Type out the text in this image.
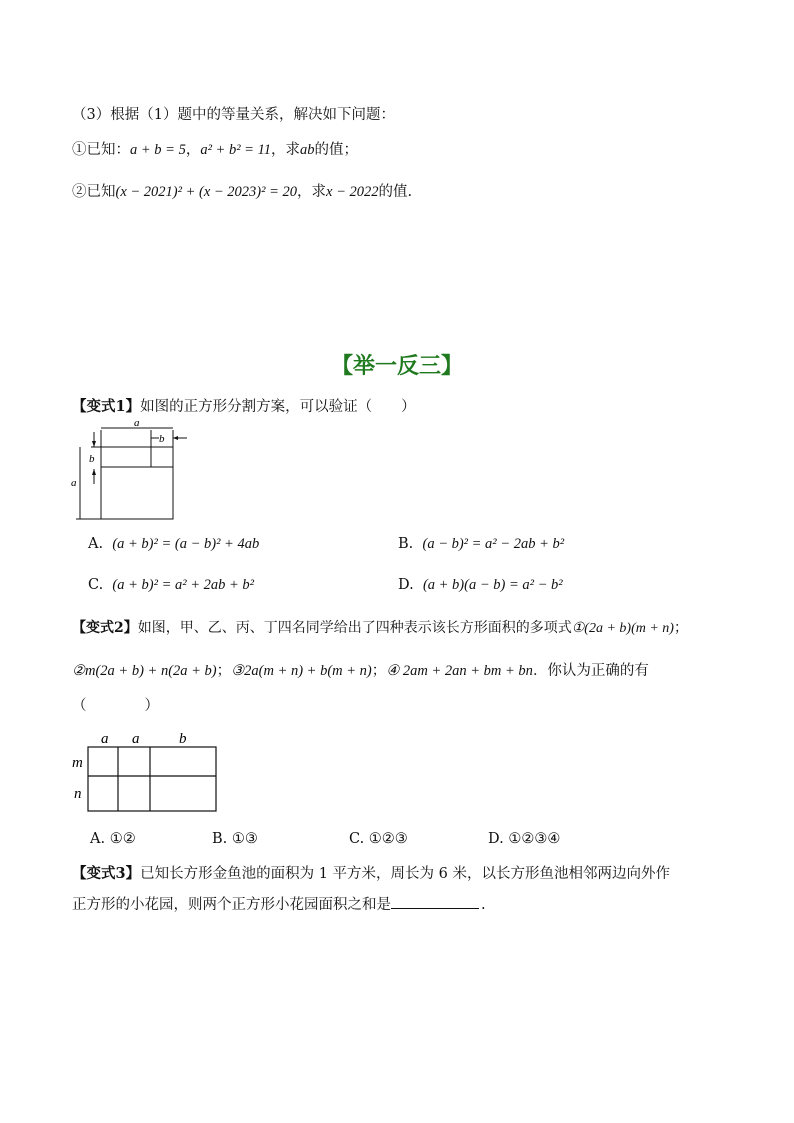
（3）根据（1）题中的等量关系，解决如下问题：
①已知：a + b = 5，a² + b² = 11，求ab的值；
②已知(x − 2021)² + (x − 2023)² = 20，求x − 2022的值.
【举一反三】
【变式1】如图的正方形分割方案，可以验证（　　）
a
b
b
a
A. (a + b)² = (a − b)² + 4ab	B. (a − b)² = a² − 2ab + b²
C. (a + b)² = a² + 2ab + b²	D. (a + b)(a − b) = a² − b²
【变式2】如图，甲、乙、丙、丁四名同学给出了四种表示该长方形面积的多项式①(2a + b)(m + n)；
②m(2a + b) + n(2a + b)；③2a(m + n) + b(m + n)；④ 2am + 2an + bm + bn．你认为正确的有
（　　　　）
a a	b
m
n
A. ①②	B. ①③	C. ①②③	D. ①②③④
【变式3】已知长方形金鱼池的面积为 1 平方米，周长为 6 米，以长方形鱼池相邻两边向外作
正方形的小花园，则两个正方形小花园面积之和是	.
